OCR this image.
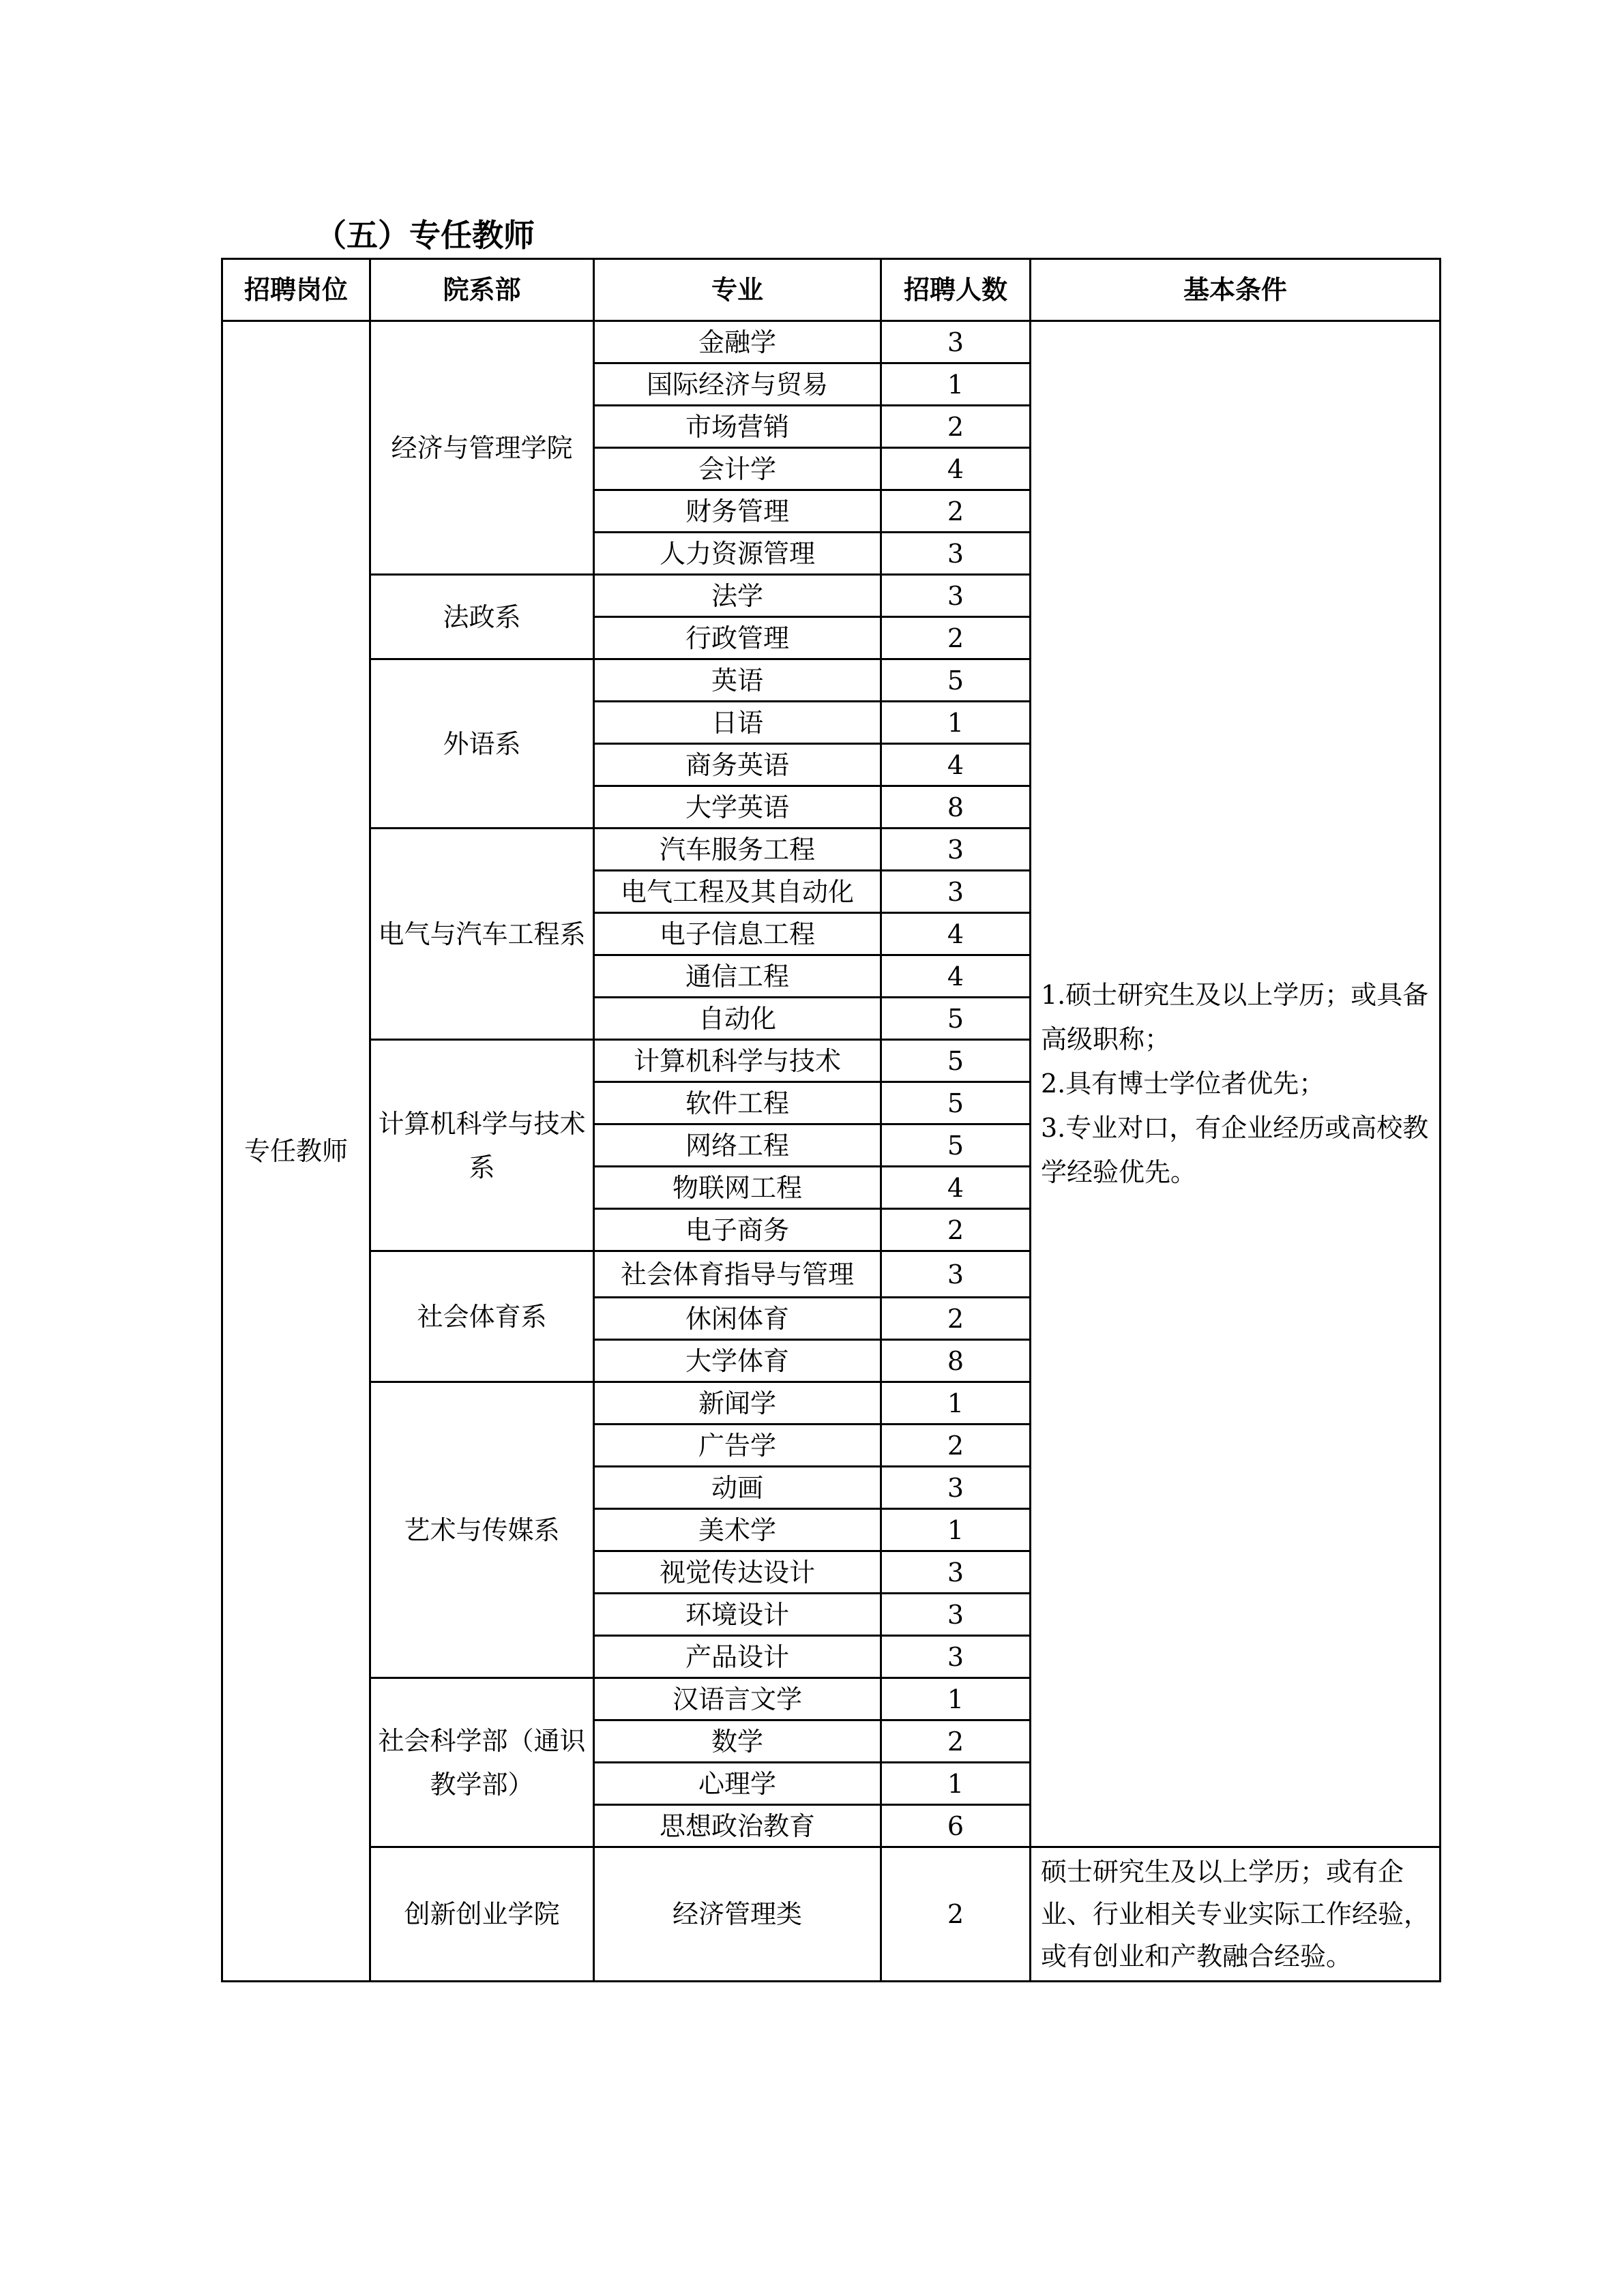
（五）专任教师
招聘岗位	院系部	专业	招聘人数	基本条件
专任教师	经济与管理学院	金融学	3	1.硕士研究生及以上学历；或具备高级职称；
2.具有博士学位者优先；
3.专业对口，有企业经历或高校教学经验优先。

		国际经济与贸易	1	
		市场营销	2	
		会计学	4	
		财务管理	2	
		人力资源管理	3	
	法政系	法学	3	
		行政管理	2	
	外语系	英语	5	
		日语	1	
		商务英语	4	
		大学英语	8	
	电气与汽车工程系	汽车服务工程	3	
		电气工程及其自动化	3	
		电子信息工程	4	
		通信工程	4	
		自动化	5	
	计算机科学与技术系	计算机科学与技术	5	
		软件工程	5	
		网络工程	5	
		物联网工程	4	
		电子商务	2	
	社会体育系	社会体育指导与管理	3	
		休闲体育	2	
		大学体育	8	
	艺术与传媒系	新闻学	1	
		广告学	2	
		动画	3	
		美术学	1	
		视觉传达设计	3	
		环境设计	3	
		产品设计	3	
	社会科学部（通识教学部）	汉语言文学	1	
		数学	2	
		心理学	1	
		思想政治教育	6	
	创新创业学院	经济管理类	2	硕士研究生及以上学历；或有企业、行业相关专业实际工作经验，或有创业和产教融合经验。
